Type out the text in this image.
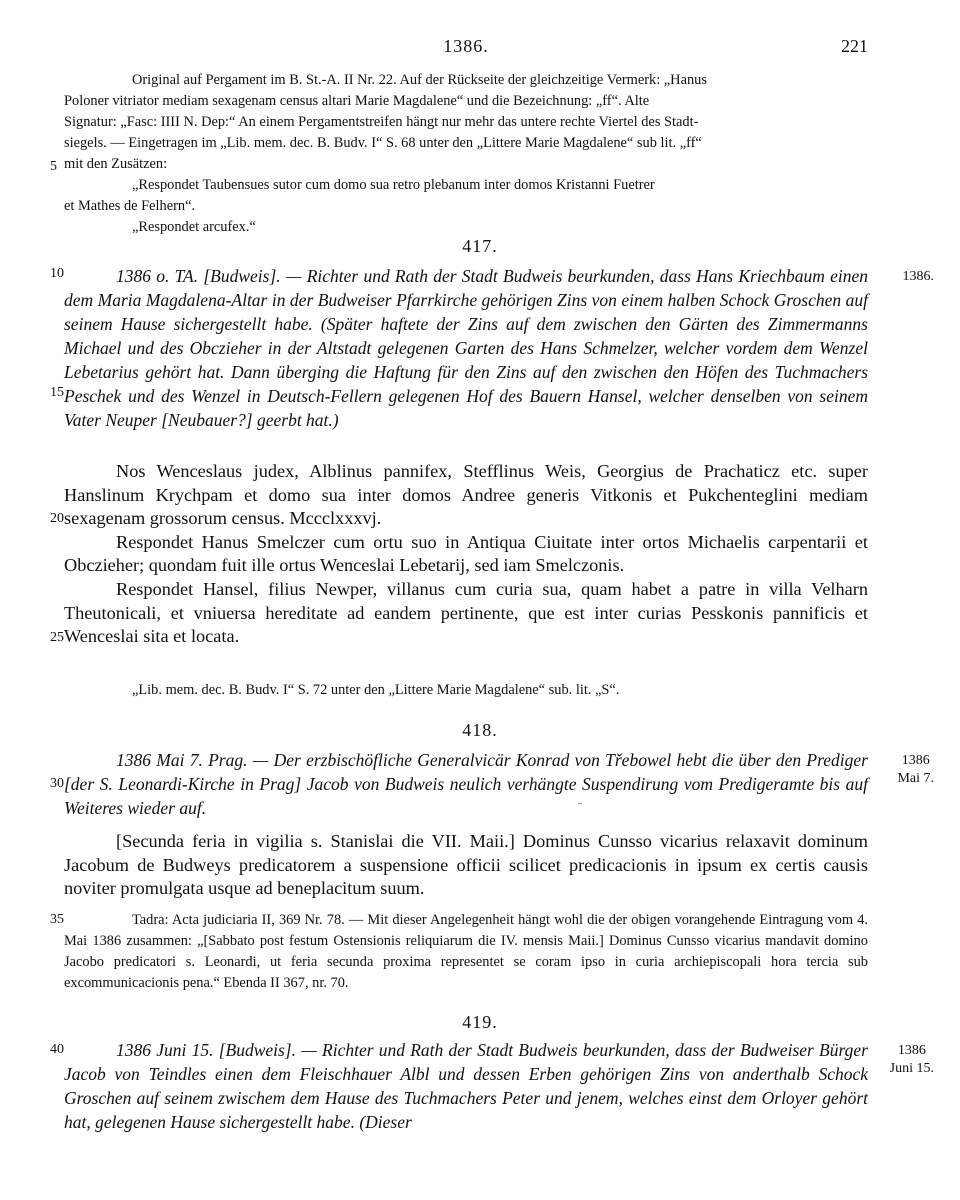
1386.	221
5
10
15
20
25
30
35
40

Original auf Pergament im B. St.-A. II Nr. 22. Auf der Rückseite der gleichzeitige Vermerk: „Hanus

Poloner vitriator mediam sexagenam census altari Marie Magdalene“ und die Bezeichnung: „ff“. Alte

Signatur: „Fasc: IIII N. Dep:“ An einem Pergamentstreifen hängt nur mehr das untere rechte Viertel des Stadt-

siegels. — Eingetragen im „Lib. mem. dec. B. Budv. I“ S. 68 unter den „Littere Marie Magdalene“ sub lit. „ff“

mit den Zusätzen:

„Respondet Taubensues sutor cum domo sua retro plebanum inter domos Kristanni Fuetrer

et Mathes de Felhern“.

„Respondet arcufex.“

417.
1386.

1386 o. TA. [Budweis]. — Richter und Rath der Stadt Budweis beurkunden, dass Hans Kriechbaum einen dem Maria Magdalena-Altar in der Budweiser Pfarrkirche gehörigen Zins von einem halben Schock Groschen auf seinem Hause sichergestellt habe. (Später haftete der Zins auf dem zwischen den Gärten des Zimmermanns Michael und des Obczieher in der Altstadt gelegenen Garten des Hans Schmelzer, welcher vordem dem Wenzel Lebetarius gehört hat. Dann überging die Haftung für den Zins auf den zwischen den Höfen des Tuchmachers Peschek und des Wenzel in Deutsch-Fellern gelegenen Hof des Bauern Hansel, welcher denselben von seinem Vater Neuper [Neubauer?] geerbt hat.)

Nos Wenceslaus judex, Alblinus pannifex, Stefflinus Weis, Georgius de Prachaticz etc. super Hanslinum Krychpam et domo sua inter domos Andree generis Vitkonis et Pukchenteglini mediam sexagenam grossorum census. Mccclxxxvj.

Respondet Hanus Smelczer cum ortu suo in Antiqua Ciuitate inter ortos Michaelis carpentarii et Obczieher; quondam fuit ille ortus Wenceslai Lebetarij, sed iam Smelczonis.

Respondet Hansel, filius Newper, villanus cum curia sua, quam habet a patre in villa Velharn Theutonicali, et vniuersa hereditate ad eandem pertinente, que est inter curias Pesskonis pannificis et Wenceslai sita et locata.

„Lib. mem. dec. B. Budv. I“ S. 72 unter den „Littere Marie Magdalene“ sub. lit. „S“.

418.
1386
Mai 7.

1386 Mai 7. Prag. — Der erzbischöfliche Generalvicär Konrad von Třebowel hebt die über den Prediger [der S. Leonardi-Kirche in Prag] Jacob von Budweis neulich verhängte Suspendirung vom Predigeramte bis auf Weiteres wieder auf.

[Secunda feria in vigilia s. Stanislai die VII. Maii.] Dominus Cunsso vicarius relaxavit dominum Jacobum de Budweys predicatorem a suspensione officii scilicet predicacionis in ipsum ex certis causis noviter promulgata usque ad beneplacitum suum.

Tadra: Acta judiciaria II, 369 Nr. 78. — Mit dieser Angelegenheit hängt wohl die der obigen vorangehende Eintragung vom 4. Mai 1386 zusammen: „[Sabbato post festum Ostensionis reliquiarum die IV. mensis Maii.] Dominus Cunsso vicarius mandavit domino Jacobo predicatori s. Leonardi, ut feria secunda proxima representet se coram ipso in curia archiepiscopali hora tercia sub excommunicacionis pena.“ Ebenda II 367, nr. 70.

419.
1386
Juni 15.

1386 Juni 15. [Budweis]. — Richter und Rath der Stadt Budweis beurkunden, dass der Budweiser Bürger Jacob von Teindles einen dem Fleischhauer Albl und dessen Erben gehörigen Zins von anderthalb Schock Groschen auf seinem zwischem dem Hause des Tuchmachers Peter und jenem, welches einst dem Orloyer gehört hat, gelegenen Hause sichergestellt habe. (Dieser
